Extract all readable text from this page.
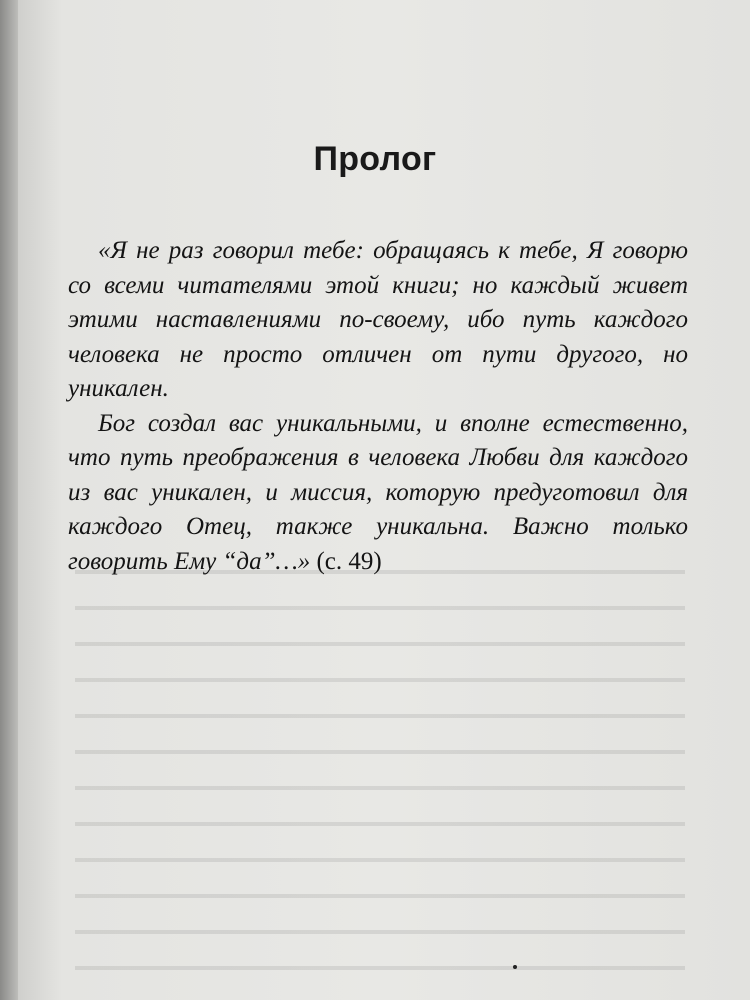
Пролог

«Я не раз говорил тебе: обращаясь к тебе, Я говорю со всеми читателями этой книги; но каждый живет этими наставлениями по-своему, ибо путь каждого человека не просто отличен от пути другого, но уникален.

Бог создал вас уникальными, и вполне естественно, что путь преображения в человека Любви для каждого из вас уникален, и миссия, которую предуготовил для каждого Отец, также уникальна. Важно только говорить Ему “да”…» (с. 49)
